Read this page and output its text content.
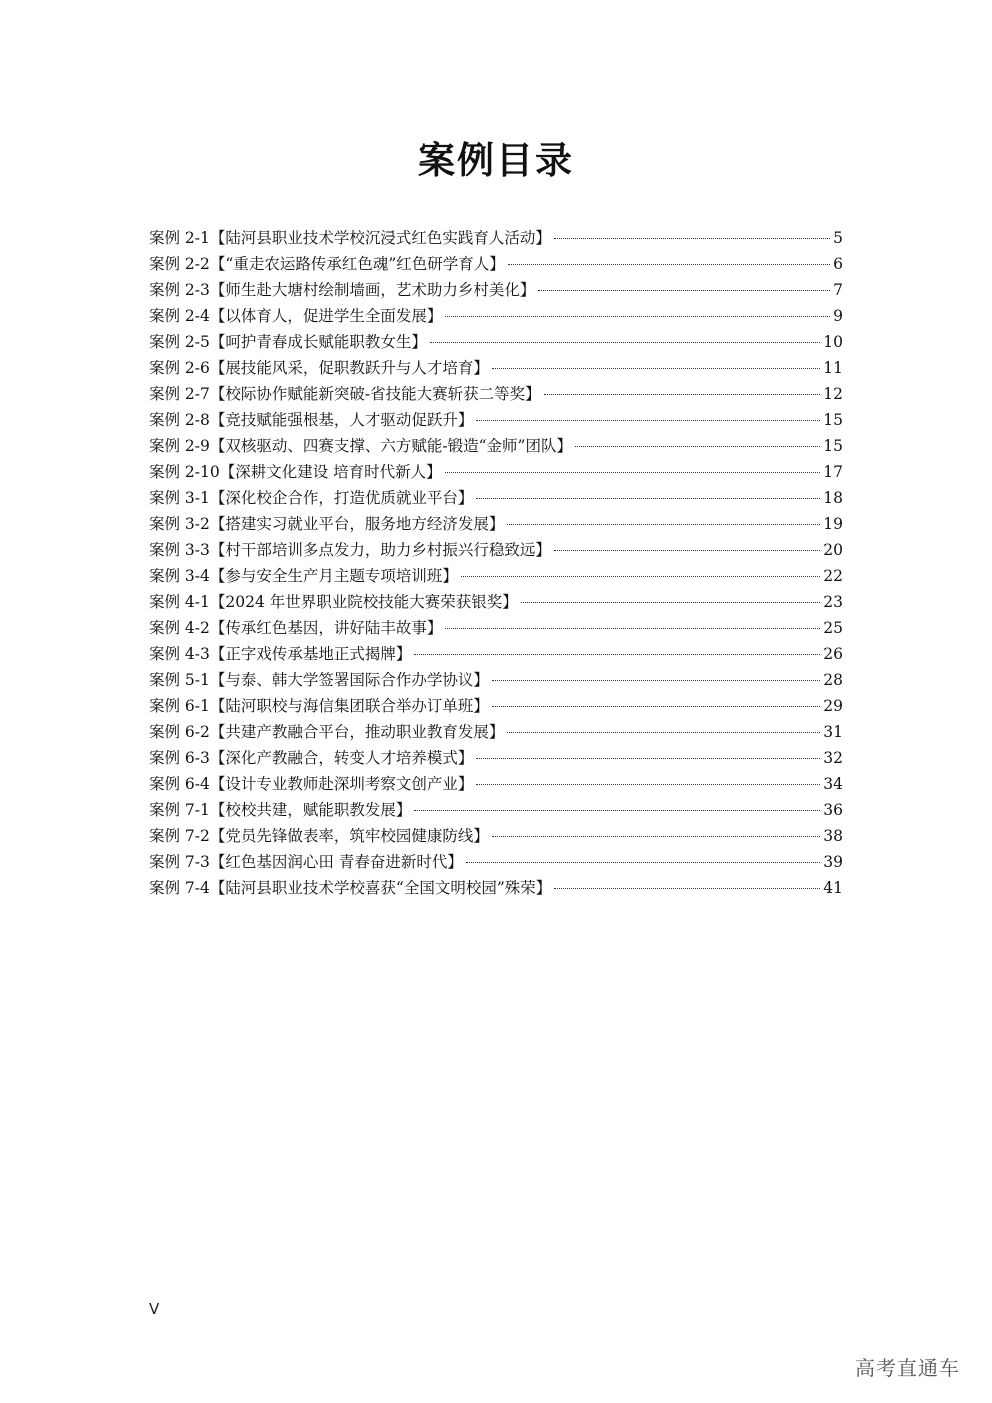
案例目录
案例 2-1 【陆河县职业技术学校沉浸式红色实践育人活动】	5
案例 2-2 【“重走农运路传承红色魂”红色研学育人】	6
案例 2-3 【师生赴大塘村绘制墙画，艺术助力乡村美化】	7
案例 2-4 【以体育人，促进学生全面发展】	9
案例 2-5 【呵护青春成长赋能职教女生】	10
案例 2-6 【展技能风采，促职教跃升与人才培育】	11
案例 2-7 【校际协作赋能新突破-省技能大赛斩获二等奖】	12
案例 2-8 【竞技赋能强根基，人才驱动促跃升】	15
案例 2-9 【双核驱动、四赛支撑、六方赋能-锻造“金师”团队】	15
案例 2-10 【深耕文化建设 培育时代新人】	17
案例 3-1 【深化校企合作，打造优质就业平台】	18
案例 3-2 【搭建实习就业平台，服务地方经济发展】	19
案例 3-3 【村干部培训多点发力，助力乡村振兴行稳致远】	20
案例 3-4 【参与安全生产月主题专项培训班】	22
案例 4-1 【2024 年世界职业院校技能大赛荣获银奖】	23
案例 4-2 【传承红色基因，讲好陆丰故事】	25
案例 4-3 【正字戏传承基地正式揭牌】	26
案例 5-1 【与泰、韩大学签署国际合作办学协议】	28
案例 6-1 【陆河职校与海信集团联合举办订单班】	29
案例 6-2 【共建产教融合平台，推动职业教育发展】	31
案例 6-3 【深化产教融合，转变人才培养模式】	32
案例 6-4 【设计专业教师赴深圳考察文创产业】	34
案例 7-1 【校校共建，赋能职教发展】	36
案例 7-2 【党员先锋做表率，筑牢校园健康防线】	38
案例 7-3 【红色基因润心田 青春奋进新时代】	39
案例 7-4 【陆河县职业技术学校喜获“全国文明校园”殊荣】	41
V
高考直通车
